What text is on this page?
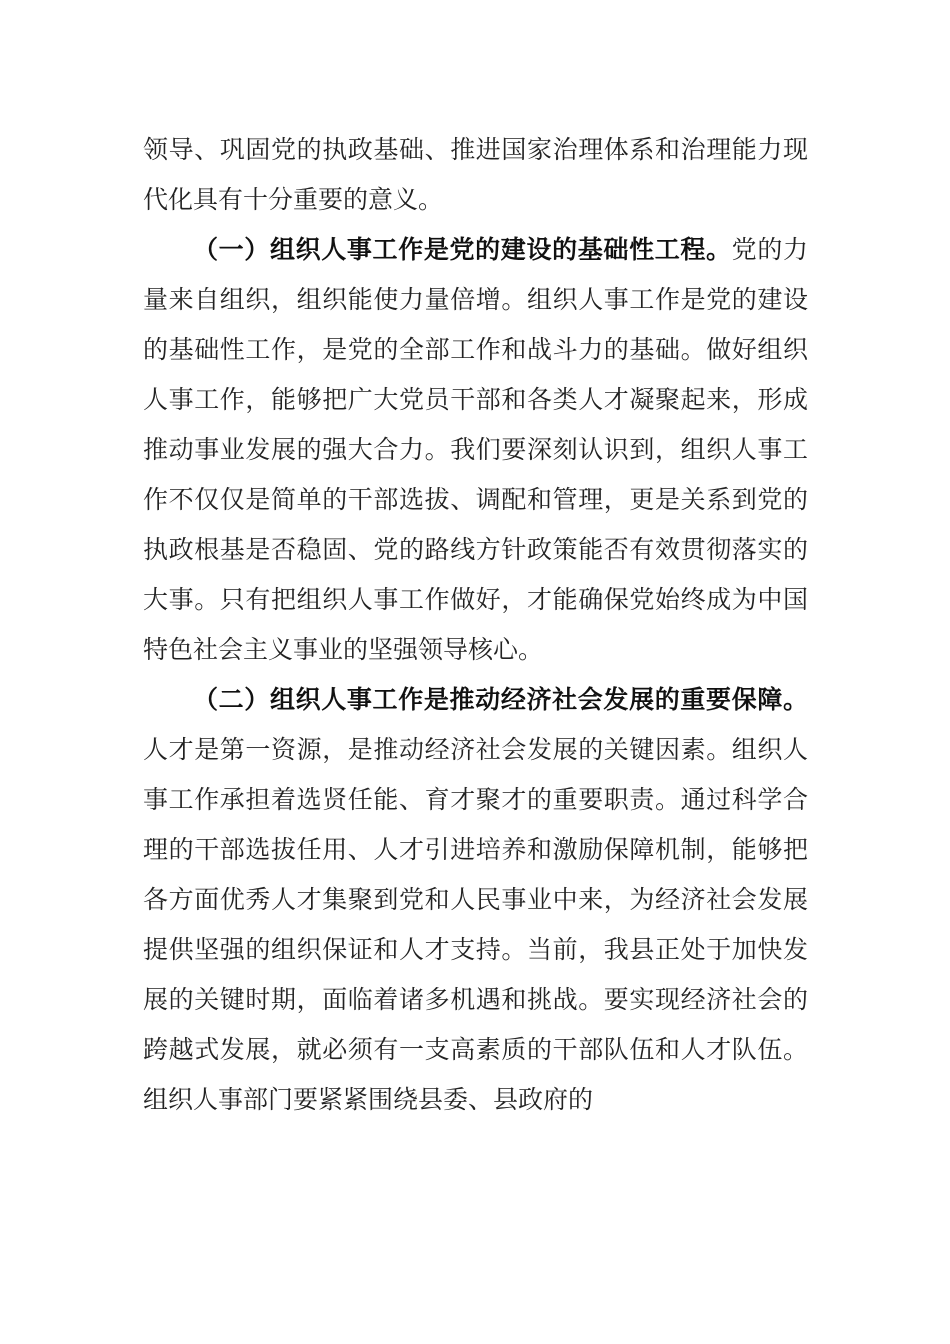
领导、巩固党的执政基础、推进国家治理体系和治理能力现代化具有十分重要的意义。

（一）组织人事工作是党的建设的基础性工程。党的力量来自组织，组织能使力量倍增。组织人事工作是党的建设的基础性工作，是党的全部工作和战斗力的基础。做好组织人事工作，能够把广大党员干部和各类人才凝聚起来，形成推动事业发展的强大合力。我们要深刻认识到，组织人事工作不仅仅是简单的干部选拔、调配和管理，更是关系到党的执政根基是否稳固、党的路线方针政策能否有效贯彻落实的大事。只有把组织人事工作做好，才能确保党始终成为中国特色社会主义事业的坚强领导核心。

（二）组织人事工作是推动经济社会发展的重要保障。人才是第一资源，是推动经济社会发展的关键因素。组织人事工作承担着选贤任能、育才聚才的重要职责。通过科学合理的干部选拔任用、人才引进培养和激励保障机制，能够把各方面优秀人才集聚到党和人民事业中来，为经济社会发展提供坚强的组织保证和人才支持。当前，我县正处于加快发展的关键时期，面临着诸多机遇和挑战。要实现经济社会的跨越式发展，就必须有一支高素质的干部队伍和人才队伍。组织人事部门要紧紧围绕县委、县政府的
